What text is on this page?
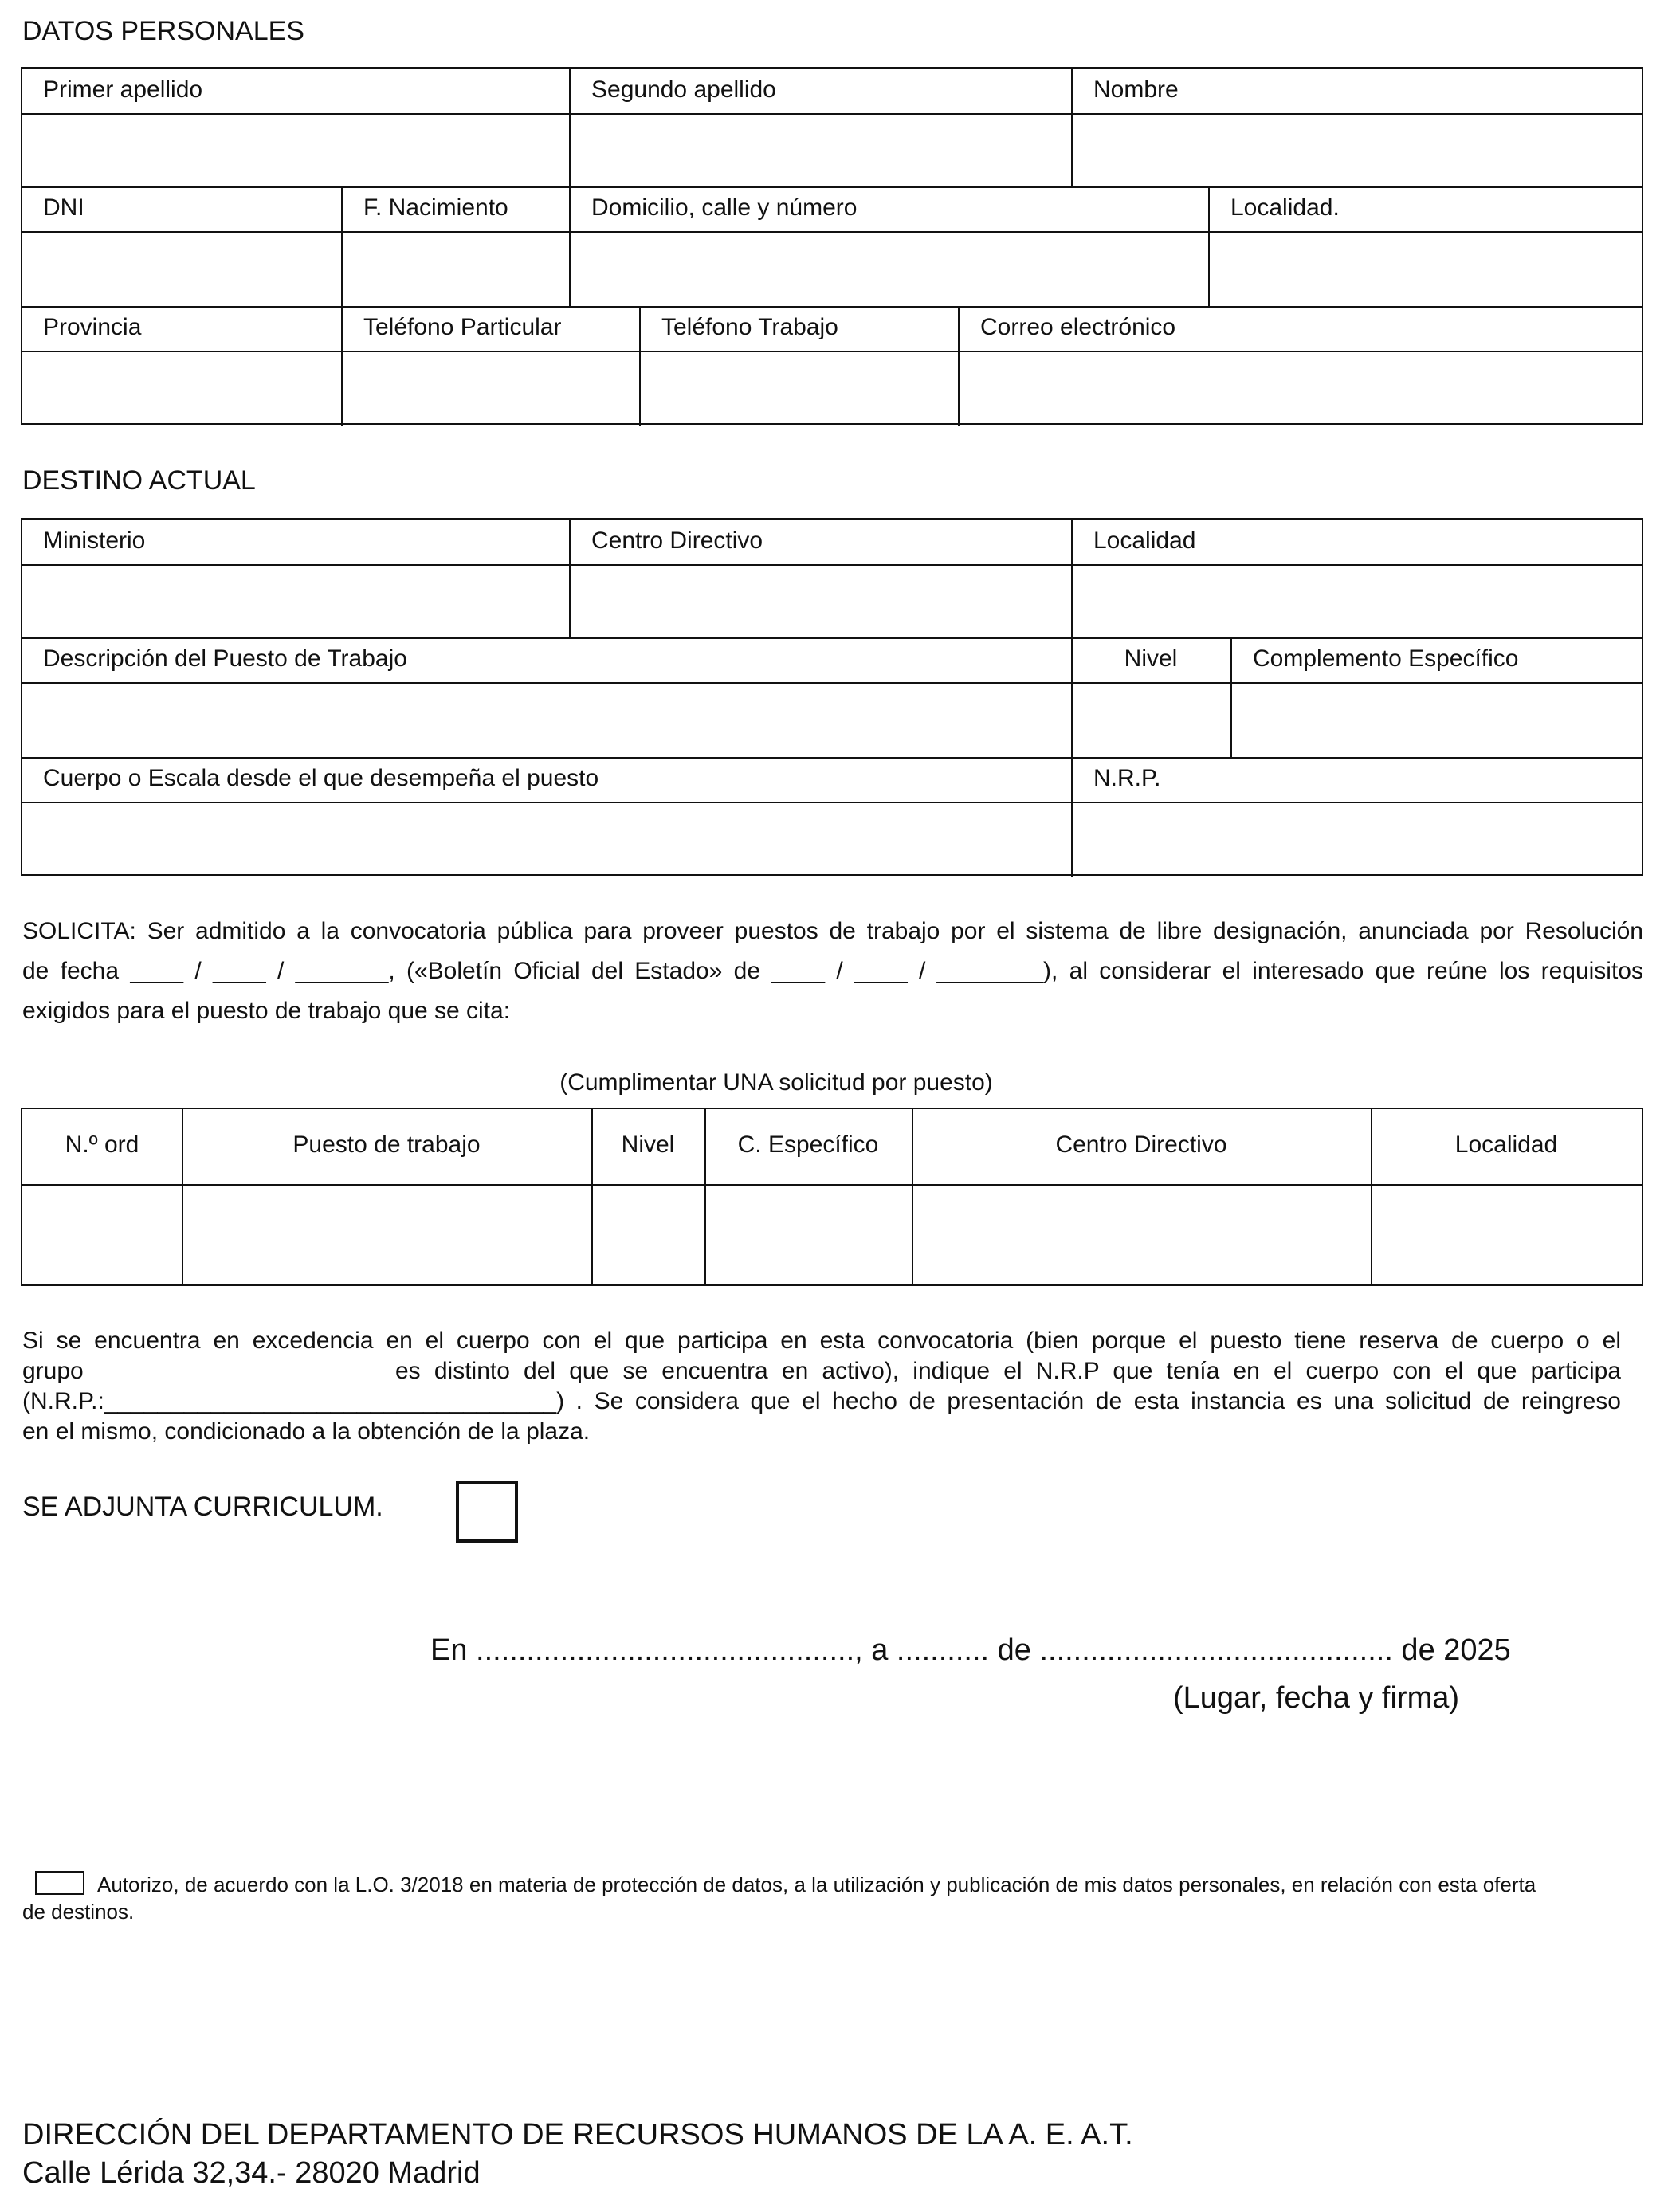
DATOS PERSONALES
Primer apellido	Segundo apellido	Nombre
DNI	F. Nacimiento	Domicilio, calle y número	Localidad.
Provincia	Teléfono Particular	Teléfono Trabajo	Correo electrónico
DESTINO ACTUAL
Ministerio	Centro Directivo	Localidad
Descripción del Puesto de Trabajo	Nivel	Complemento Específico
Cuerpo o Escala desde el que desempeña el puesto	N.R.P.
SOLICITA: Ser admitido a la convocatoria pública para proveer puestos de trabajo por el sistema de libre designación, anunciada por Resolución
de fecha ____ / ____ / _______, («Boletín Oficial del Estado» de ____ / ____ / ________), al considerar el interesado que reúne los requisitos
exigidos para el puesto de trabajo que se cita:
(Cumplimentar UNA solicitud por puesto)
N.º ord	Puesto de trabajo	Nivel	C. Específico	Centro Directivo	Localidad
Si se encuentra en excedencia en el cuerpo con el que participa en esta convocatoria (bien porque el puesto tiene reserva de cuerpo o el
grupo	es distinto del que se encuentra en activo), indique el N.R.P que tenía en el cuerpo con el que participa
(N.R.P.:__________________________________) . Se considera que el hecho de presentación de esta instancia es una solicitud de reingreso
en el mismo, condicionado a la obtención de la plaza.
SE ADJUNTA CURRICULUM.
En ............................................., a ........... de .......................................... de 2025
(Lugar, fecha y firma)
Autorizo, de acuerdo con la L.O. 3/2018 en materia de protección de datos, a la utilización y publicación de mis datos personales, en relación con esta oferta
de destinos.
DIRECCIÓN DEL DEPARTAMENTO DE RECURSOS HUMANOS DE LA A. E. A.T.
Calle Lérida 32,34.- 28020 Madrid
